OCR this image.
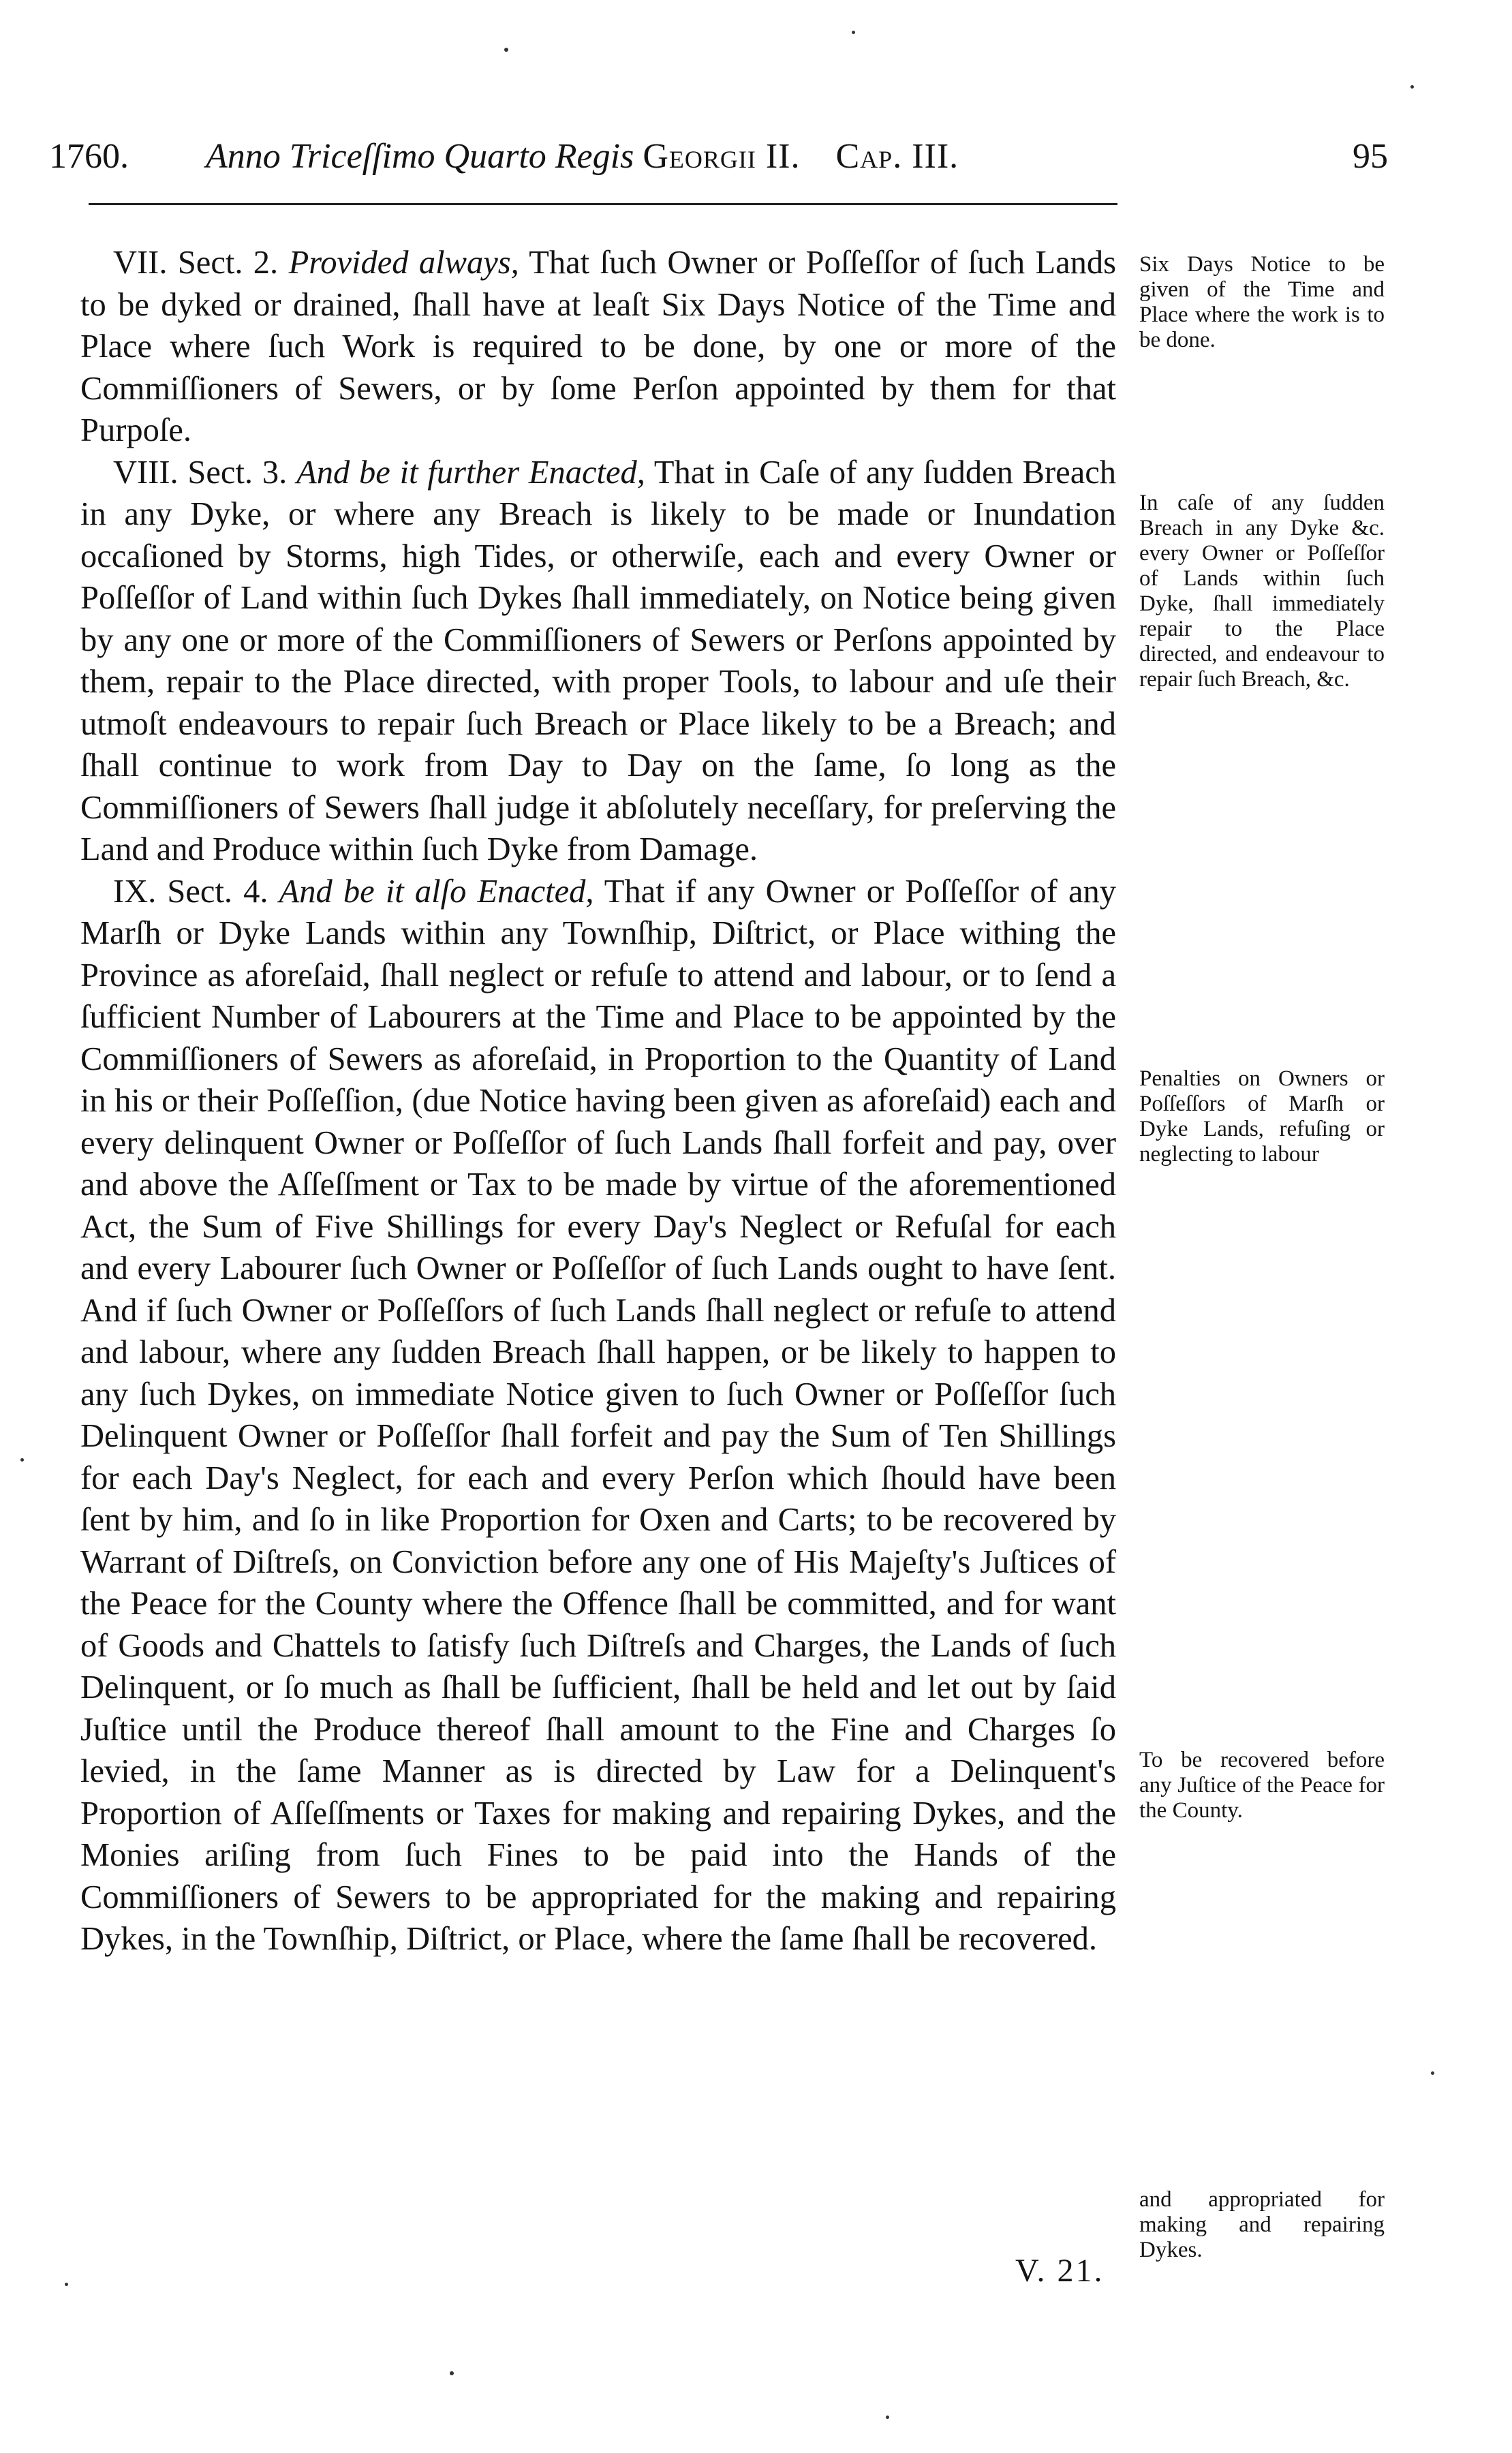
1760. Anno Triceſſimo Quarto Regis Georgii II. Cap. III.	95

VII. Sect. 2. Provided always, That ſuch Owner or Poſſeſſor of ſuch Lands to be dyked or drained, ſhall have at leaſt Six Days Notice of the Time and Place where ſuch Work is required to be done, by one or more of the Commiſſioners of Sewers, or by ſome Perſon appointed by them for that Purpoſe.

VIII. Sect. 3. And be it further Enacted, That in Caſe of any ſudden Breach in any Dyke, or where any Breach is likely to be made or Inundation occaſioned by Storms, high Tides, or otherwiſe, each and every Owner or Poſſeſſor of Land within ſuch Dykes ſhall immediately, on Notice being given by any one or more of the Commiſſioners of Sewers or Perſons appointed by them, repair to the Place directed, with proper Tools, to labour and uſe their utmoſt endeavours to repair ſuch Breach or Place likely to be a Breach; and ſhall continue to work from Day to Day on the ſame, ſo long as the Commiſſioners of Sewers ſhall judge it abſolutely neceſſary, for preſerving the Land and Produce within ſuch Dyke from Damage.

IX. Sect. 4. And be it alſo Enacted, That if any Owner or Poſſeſſor of any Marſh or Dyke Lands within any Townſhip, Diſtrict, or Place withing the Province as aforeſaid, ſhall neglect or refuſe to attend and labour, or to ſend a ſufficient Number of Labourers at the Time and Place to be appointed by the Commiſſioners of Sewers as aforeſaid, in Proportion to the Quantity of Land in his or their Poſſeſſion, (due Notice having been given as aforeſaid) each and every delinquent Owner or Poſſeſſor of ſuch Lands ſhall forfeit and pay, over and above the Aſſeſſment or Tax to be made by virtue of the aforementioned Act, the Sum of Five Shillings for every Day's Neglect or Refuſal for each and every Labourer ſuch Owner or Poſſeſſor of ſuch Lands ought to have ſent. And if ſuch Owner or Poſſeſſors of ſuch Lands ſhall neglect or refuſe to attend and labour, where any ſudden Breach ſhall happen, or be likely to happen to any ſuch Dykes, on immediate Notice given to ſuch Owner or Poſſeſſor ſuch Delinquent Owner or Poſſeſſor ſhall forfeit and pay the Sum of Ten Shillings for each Day's Neglect, for each and every Perſon which ſhould have been ſent by him, and ſo in like Proportion for Oxen and Carts; to be recovered by Warrant of Diſtreſs, on Conviction before any one of His Majeſty's Juſtices of the Peace for the County where the Offence ſhall be committed, and for want of Goods and Chattels to ſatisfy ſuch Diſtreſs and Charges, the Lands of ſuch Delinquent, or ſo much as ſhall be ſufficient, ſhall be held and let out by ſaid Juſtice until the Produce thereof ſhall amount to the Fine and Charges ſo levied, in the ſame Manner as is directed by Law for a Delinquent's Proportion of Aſſeſſments or Taxes for making and repairing Dykes, and the Monies ariſing from ſuch Fines to be paid into the Hands of the Commiſſioners of Sewers to be appropriated for the making and repairing Dykes, in the Townſhip, Diſtrict, or Place, where the ſame ſhall be recovered.

V. 21.
Six Days Notice to be given of the Time and Place where the work is to be done.
In caſe of any ſudden Breach in any Dyke &c. every Owner or Poſſeſſor of Lands within ſuch Dyke, ſhall immediately repair to the Place directed, and endeavour to repair ſuch Breach, &c.
Penalties on Owners or Poſſeſſors of Marſh or Dyke Lands, refuſing or neglecting to labour
To be recovered before any Juſtice of the Peace for the County.
and appropriated for making and repairing Dykes.
